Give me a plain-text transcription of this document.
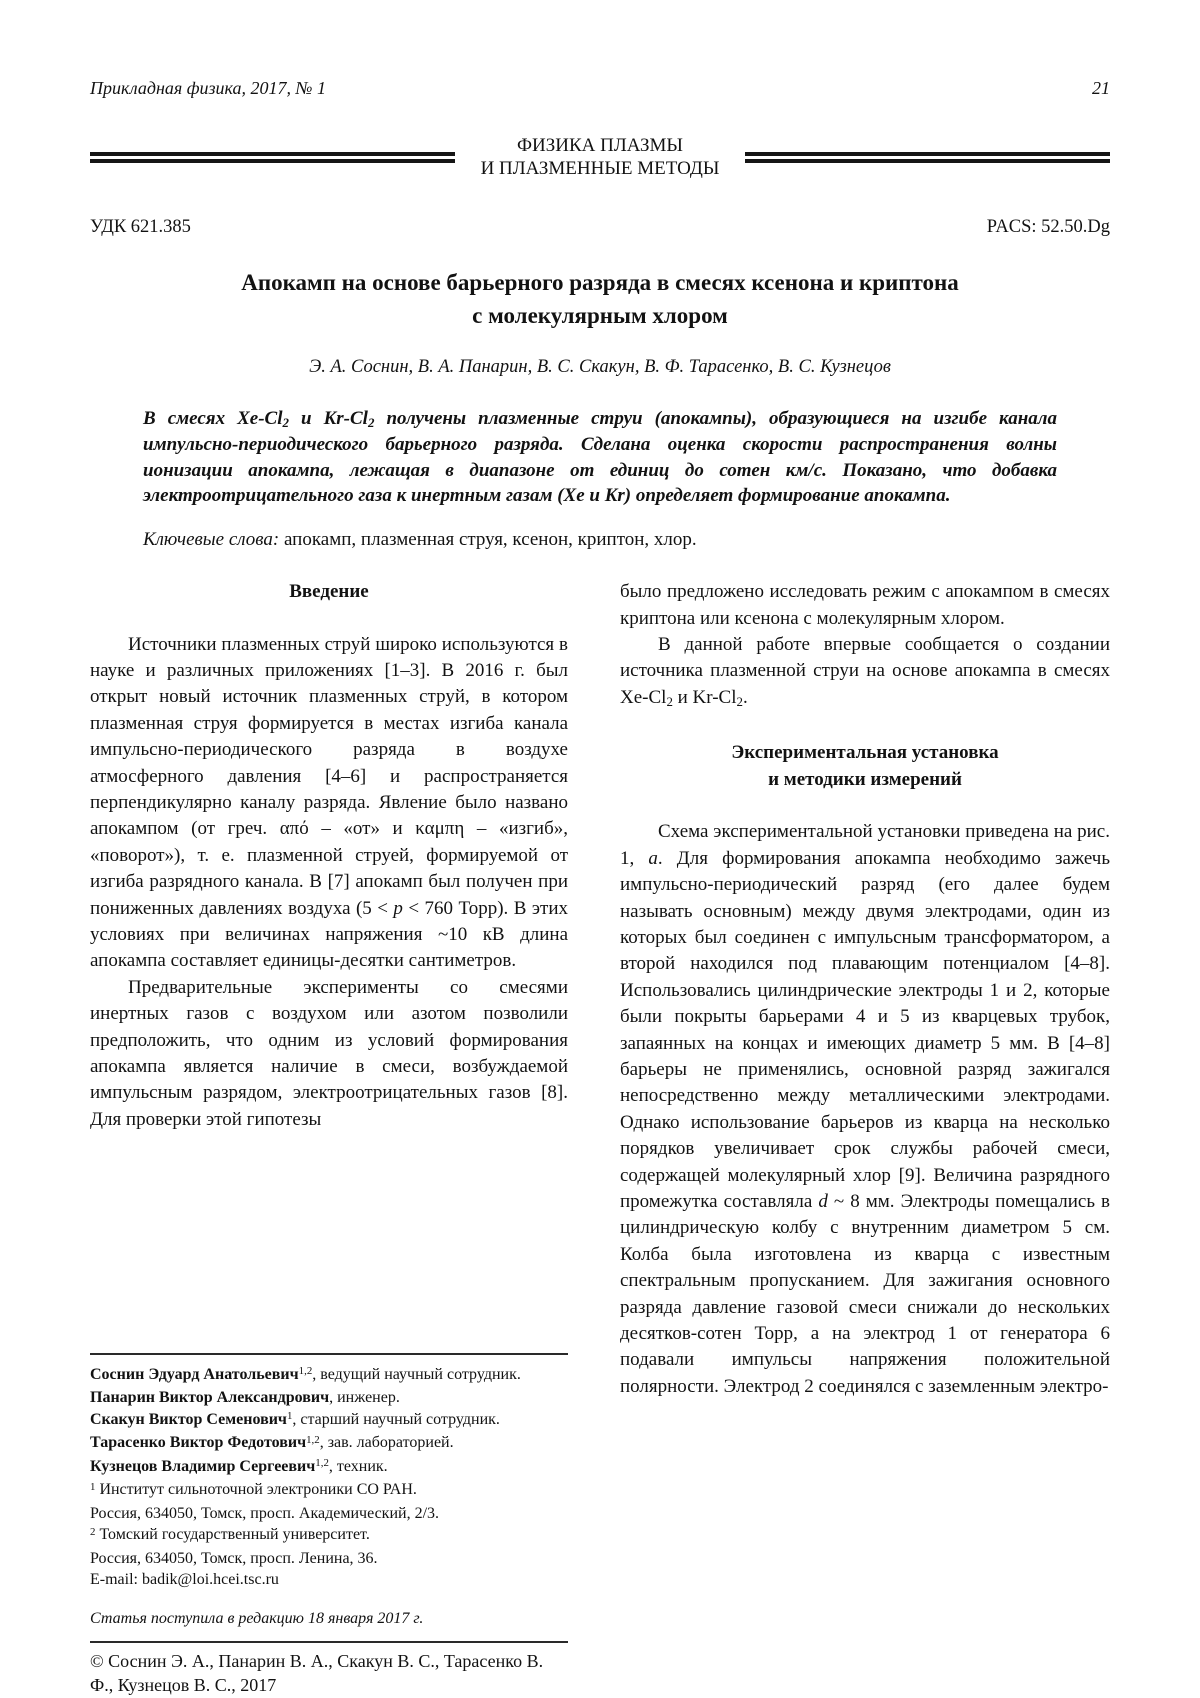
Прикладная физика, 2017, № 1	21
ФИЗИКА ПЛАЗМЫ
И ПЛАЗМЕННЫЕ МЕТОДЫ
УДК 621.385	PACS: 52.50.Dg
Апокамп на основе барьерного разряда в смесях ксенона и криптона
с молекулярным хлором
Э. А. Соснин, В. А. Панарин, В. С. Скакун, В. Ф. Тарасенко, В. С. Кузнецов
В смесях Xe-Cl2 и Kr-Cl2 получены плазменные струи (апокампы), образующиеся на изгибе канала импульсно-периодического барьерного разряда. Сделана оценка скорости распространения волны ионизации апокампа, лежащая в диапазоне от единиц до сотен км/с. Показано, что добавка электроотрицательного газа к инертным газам (Xe и Kr) определяет формирование апокампа.
Ключевые слова: апокамп, плазменная струя, ксенон, криптон, хлор.
Введение

Источники плазменных струй широко используются в науке и различных приложениях [1–3]. В 2016 г. был открыт новый источник плазменных струй, в котором плазменная струя формируется в местах изгиба канала импульсно-периодического разряда в воздухе атмосферного давления [4–6] и распространяется перпендикулярно каналу разряда. Явление было названо апокампом (от греч. από – «от» и καμπη – «изгиб», «поворот»), т. е. плазменной струей, формируемой от изгиба разрядного канала. В [7] апокамп был получен при пониженных давлениях воздуха (5 < p < 760 Торр). В этих условиях при величинах напряжения ~10 кВ длина апокампа составляет единицы-десятки сантиметров.

Предварительные эксперименты со смесями инертных газов с воздухом или азотом позволили предположить, что одним из условий формирования апокампа является наличие в смеси, возбуждаемой импульсным разрядом, электроотрицательных газов [8]. Для проверки этой гипотезы

Соснин Эдуард Анатольевич$^{1,2}$, ведущий научный сотрудник.
Панарин Виктор Александрович, инженер.
Скакун Виктор Семенович$^1$, старший научный сотрудник.
Тарасенко Виктор Федотович$^{1,2}$, зав. лабораторией.
Кузнецов Владимир Сергеевич$^{1,2}$, техник.
$^1$ Институт сильноточной электроники СО РАН.
Россия, 634050, Томск, просп. Академический, 2/3.
$^2$ Томский государственный университет.
Россия, 634050, Томск, просп. Ленина, 36.
E-mail: badik@loi.hcei.tsc.ru
Статья поступила в редакцию 18 января 2017 г.
© Соснин Э. А., Панарин В. А., Скакун В. С., Тарасенко В. Ф., Кузнецов В. С., 2017

было предложено исследовать режим с апокампом в смесях криптона или ксенона с молекулярным хлором.

В данной работе впервые сообщается о создании источника плазменной струи на основе апокампа в смесях Xe-Cl2 и Kr-Cl2.

Экспериментальная установка
и методики измерений

Схема экспериментальной установки приведена на рис. 1, а. Для формирования апокампа необходимо зажечь импульсно-периодический разряд (его далее будем называть основным) между двумя электродами, один из которых был соединен с импульсным трансформатором, а второй находился под плавающим потенциалом [4–8]. Использовались цилиндрические электроды 1 и 2, которые были покрыты барьерами 4 и 5 из кварцевых трубок, запаянных на концах и имеющих диаметр 5 мм. В [4–8] барьеры не применялись, основной разряд зажигался непосредственно между металлическими электродами. Однако использование барьеров из кварца на несколько порядков увеличивает срок службы рабочей смеси, содержащей молекулярный хлор [9]. Величина разрядного промежутка составляла d ~ 8 мм. Электроды помещались в цилиндрическую колбу с внутренним диаметром 5 см. Колба была изготовлена из кварца с известным спектральным пропусканием. Для зажигания основного разряда давление газовой смеси снижали до нескольких десятков-сотен Торр, а на электрод 1 от генератора 6 подавали импульсы напряжения положительной полярности. Электрод 2 соединялся с заземленным электро-
